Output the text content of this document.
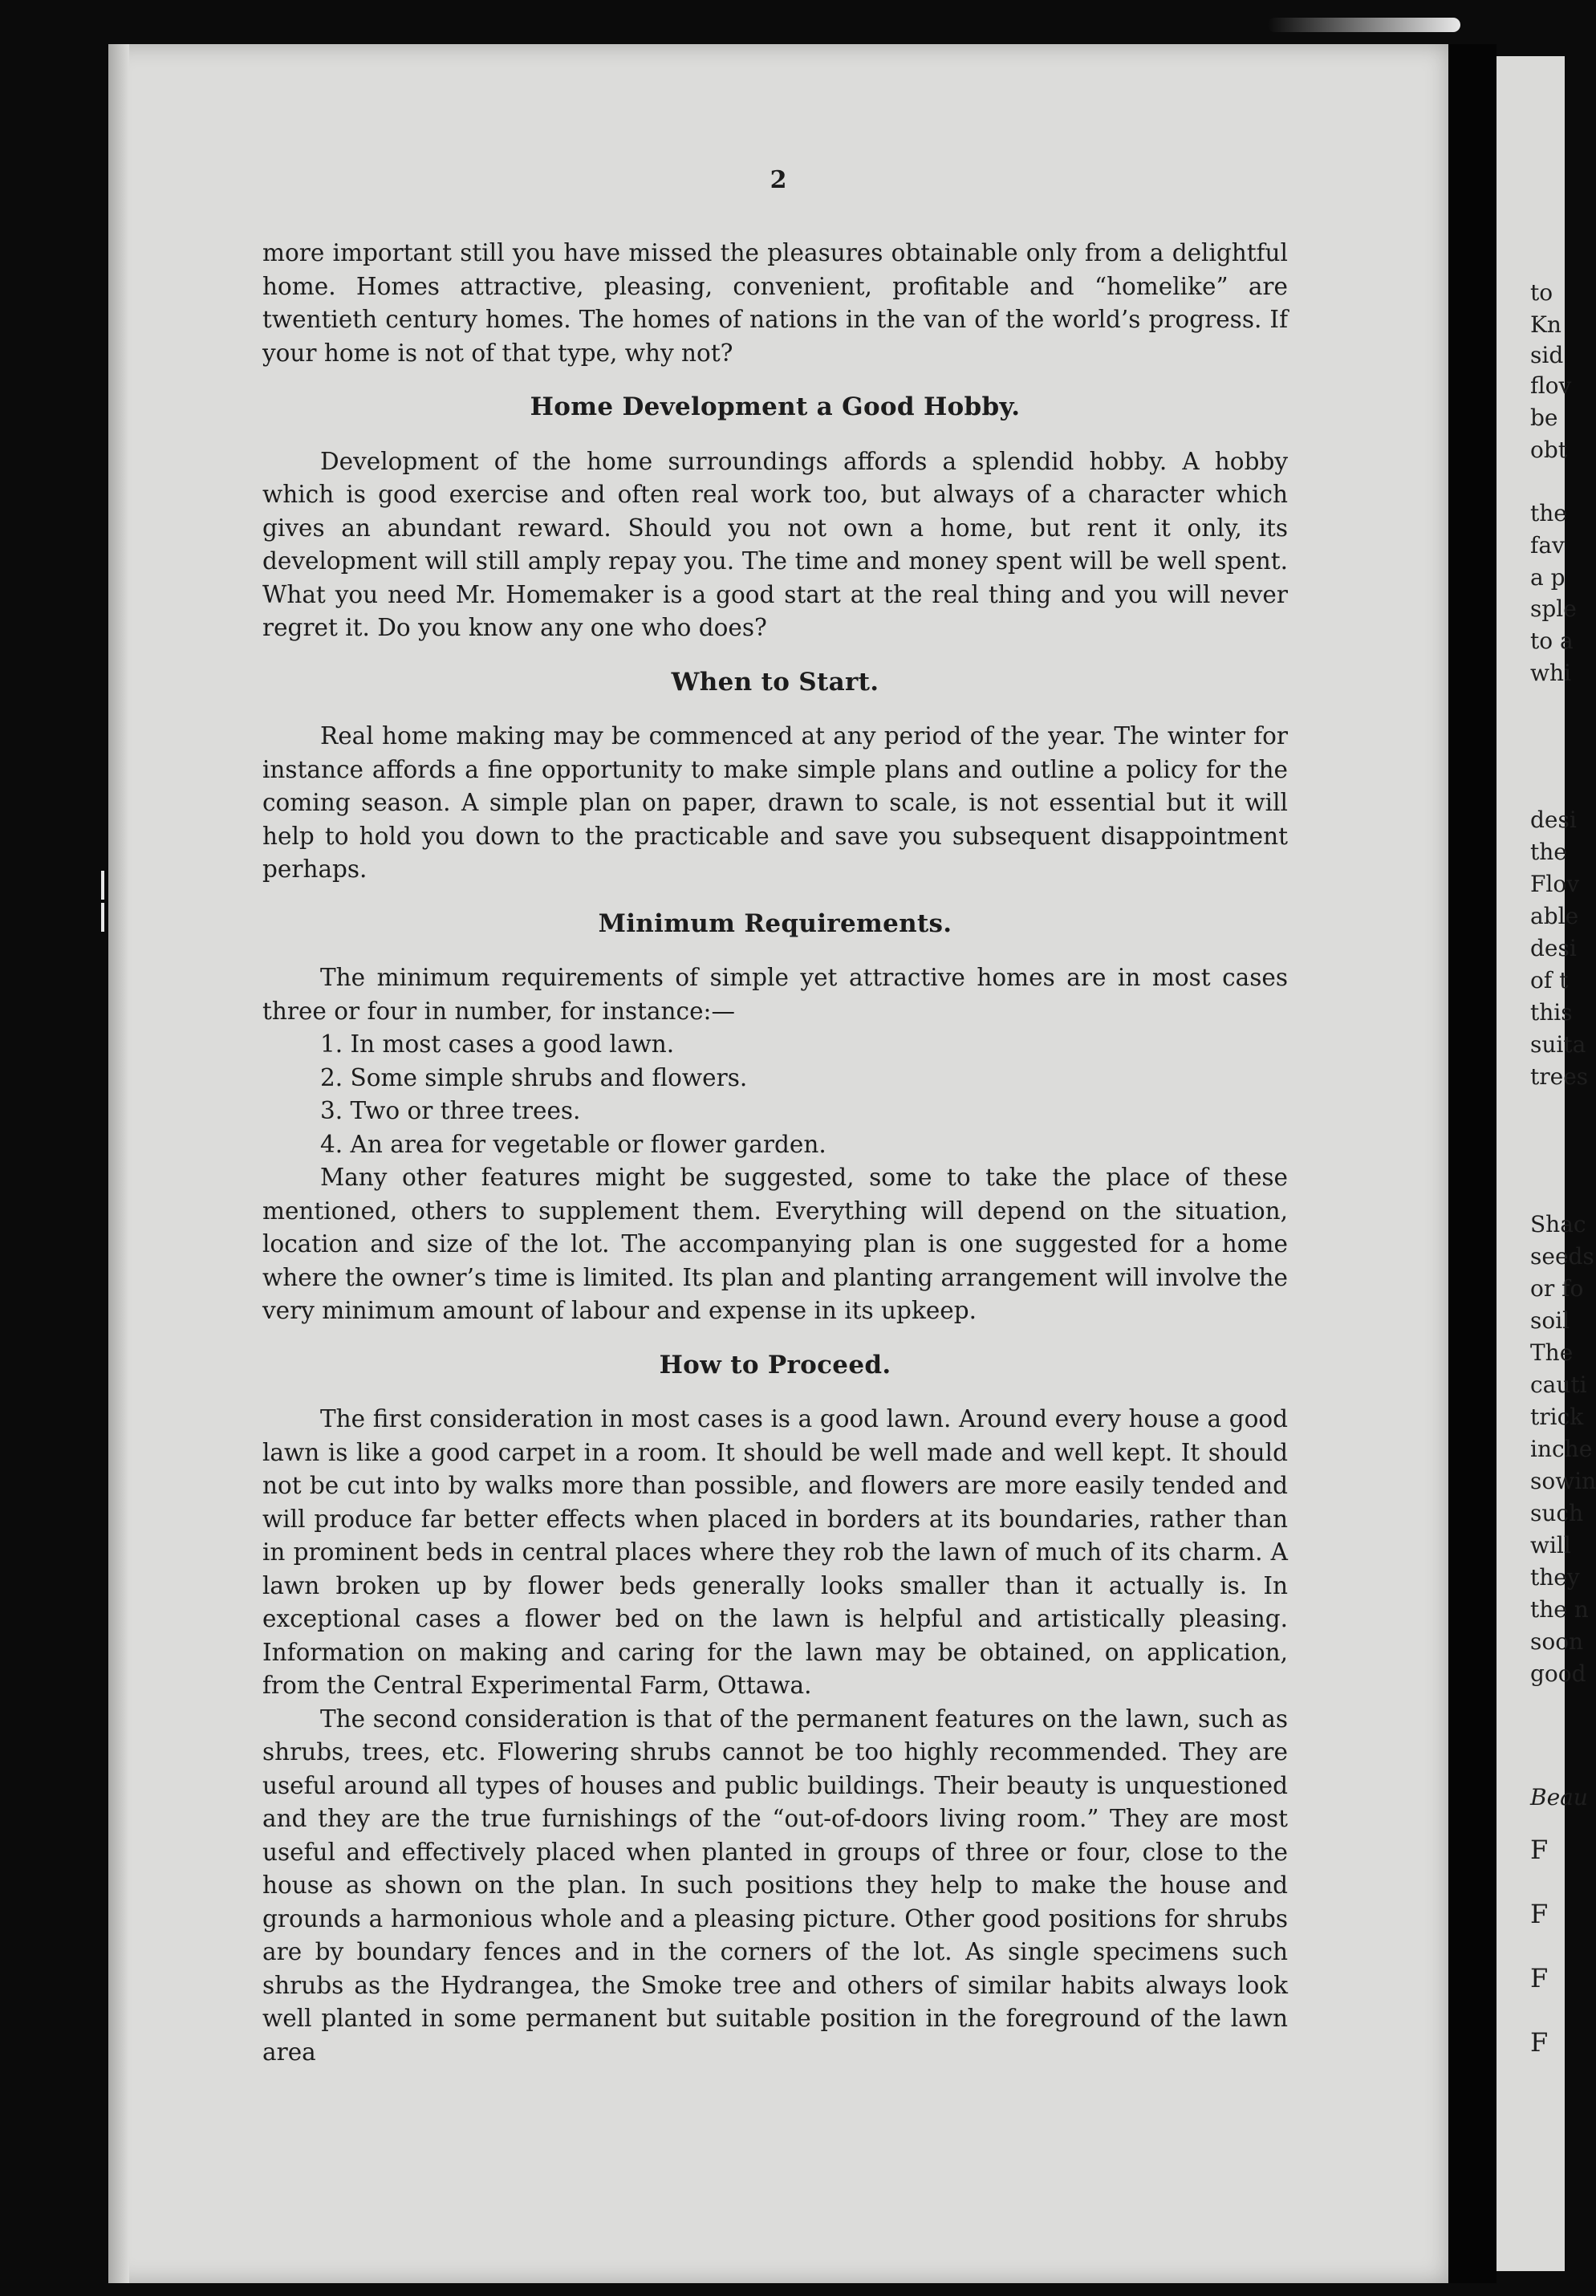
2

more important still you have missed the pleasures obtainable only from a delightful home. Homes attractive, pleasing, convenient, profitable and “homelike” are twentieth century homes. The homes of nations in the van of the world’s progress. If your home is not of that type, why not?

Home Development a Good Hobby.

Development of the home surroundings affords a splendid hobby. A hobby which is good exercise and often real work too, but always of a character which gives an abundant reward. Should you not own a home, but rent it only, its development will still amply repay you. The time and money spent will be well spent. What you need Mr. Homemaker is a good start at the real thing and you will never regret it. Do you know any one who does?

When to Start.

Real home making may be commenced at any period of the year. The winter for instance affords a fine opportunity to make simple plans and outline a policy for the coming season. A simple plan on paper, drawn to scale, is not essential but it will help to hold you down to the practicable and save you subsequent disappointment perhaps.

Minimum Requirements.

The minimum requirements of simple yet attractive homes are in most cases three or four in number, for instance:—

1. In most cases a good lawn.

2. Some simple shrubs and flowers.

3. Two or three trees.

4. An area for vegetable or flower garden.

Many other features might be suggested, some to take the place of these mentioned, others to supplement them. Everything will depend on the situation, location and size of the lot. The accompanying plan is one suggested for a home where the owner’s time is limited. Its plan and planting arrangement will involve the very minimum amount of labour and expense in its upkeep.

How to Proceed.

The first consideration in most cases is a good lawn. Around every house a good lawn is like a good carpet in a room. It should be well made and well kept. It should not be cut into by walks more than possible, and flowers are more easily tended and will produce far better effects when placed in borders at its boundaries, rather than in prominent beds in central places where they rob the lawn of much of its charm. A lawn broken up by flower beds generally looks smaller than it actually is. In exceptional cases a flower bed on the lawn is helpful and artistically pleasing. Information on making and caring for the lawn may be obtained, on application, from the Central Experimental Farm, Ottawa.

The second consideration is that of the permanent features on the lawn, such as shrubs, trees, etc. Flowering shrubs cannot be too highly recommended. They are useful around all types of houses and public buildings. Their beauty is unquestioned and they are the true furnishings of the “out-of-doors living room.” They are most useful and effectively placed when planted in groups of three or four, close to the house as shown on the plan. In such positions they help to make the house and grounds a harmonious whole and a pleasing picture. Other good positions for shrubs are by boundary fences and in the corners of the lot. As single specimens such shrubs as the Hydrangea, the Smoke tree and others of similar habits always look well planted in some permanent but suitable position in the foreground of the lawn area

to
Kn
sid
flov
be
obt
the
fav
a p
sple
to a
whi
desi
the
Flov
able
desi
of t
this
suita
trees
Shac
seeds
or fo
soil
The
cauti
trick
inche
sowin
such
will
they
the n
soon
good
Beau
F
F
F
F
